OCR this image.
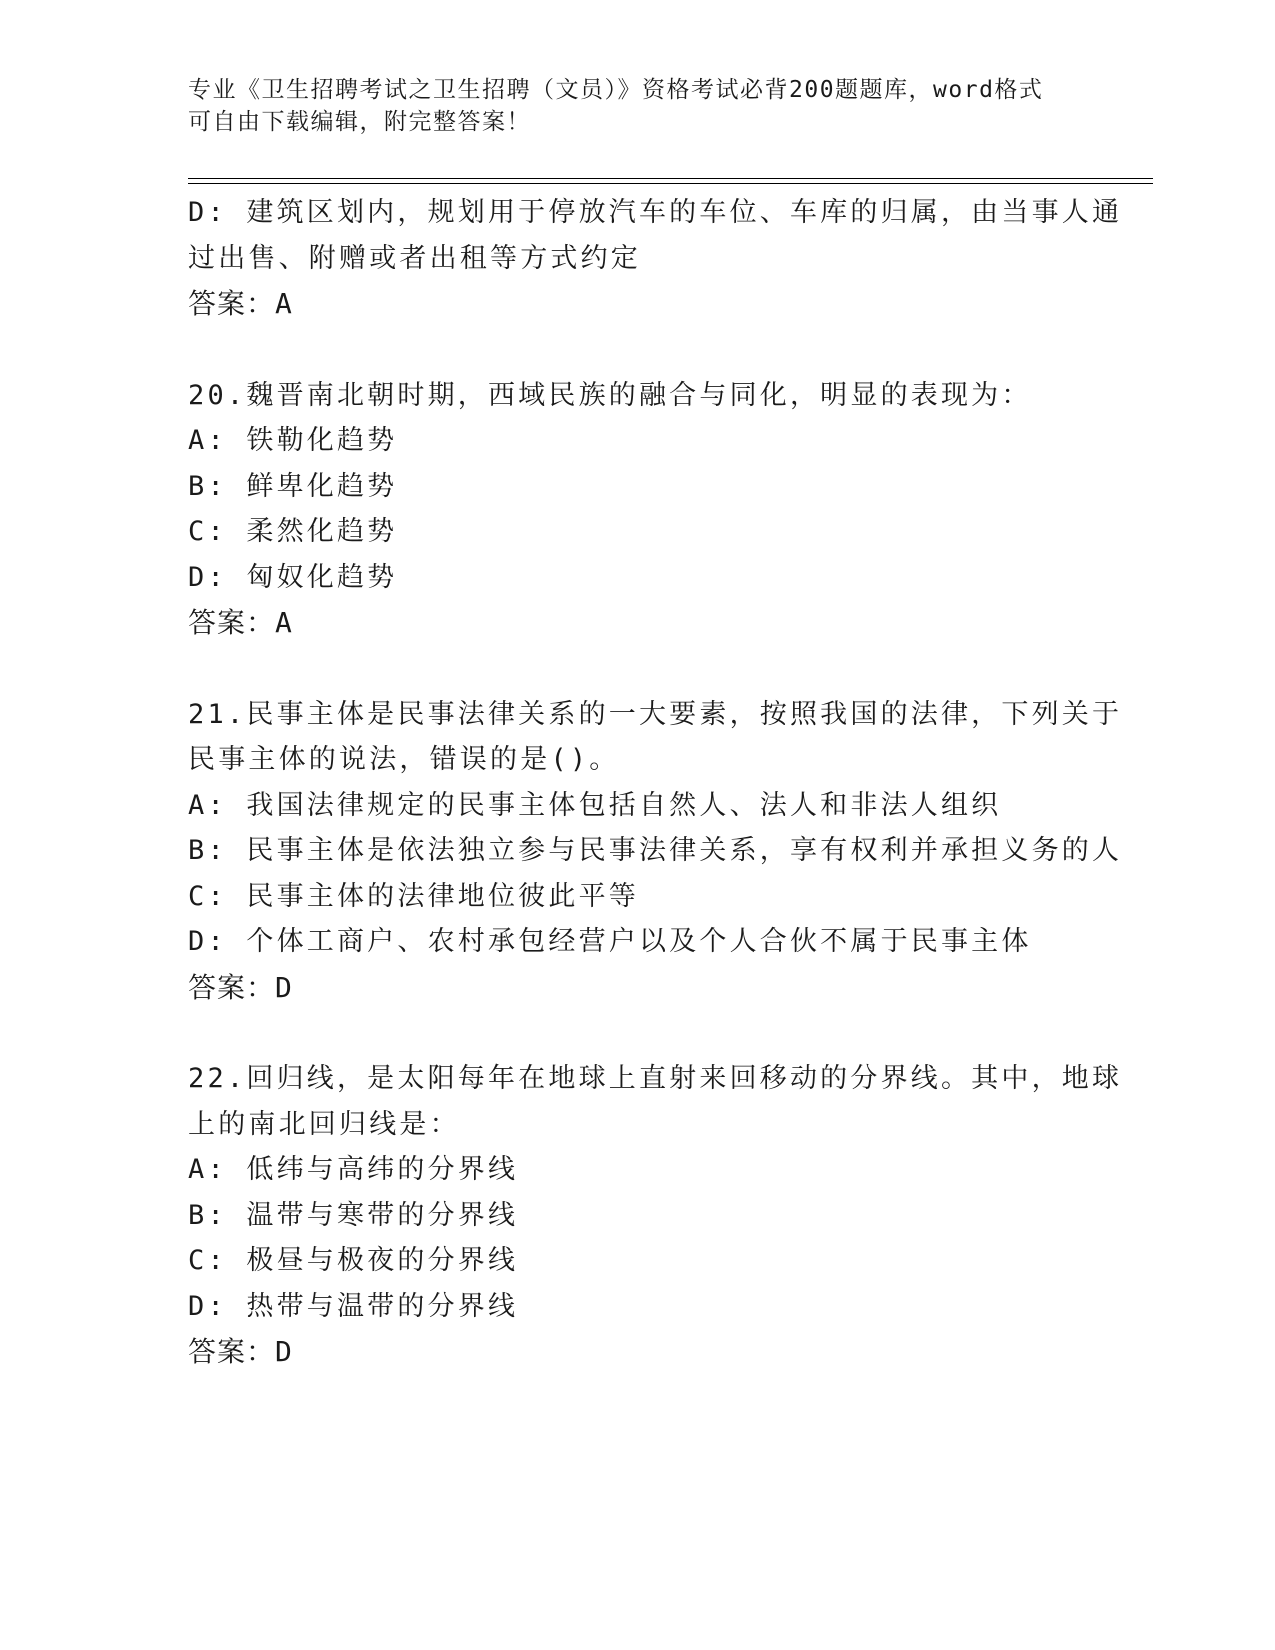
专业《卫生招聘考试之卫生招聘（文员）》资格考试必背200题题库，word格式
可自由下载编辑，附完整答案！
D: 建筑区划内，规划用于停放汽车的车位、车库的归属，由当事人通
过出售、附赠或者出租等方式约定
答案：A
20.魏晋南北朝时期，西域民族的融合与同化，明显的表现为：
A: 铁勒化趋势
B: 鲜卑化趋势
C: 柔然化趋势
D: 匈奴化趋势
答案：A
21.民事主体是民事法律关系的一大要素，按照我国的法律，下列关于
民事主体的说法，错误的是()。
A: 我国法律规定的民事主体包括自然人、法人和非法人组织
B: 民事主体是依法独立参与民事法律关系，享有权利并承担义务的人
C: 民事主体的法律地位彼此平等
D: 个体工商户、农村承包经营户以及个人合伙不属于民事主体
答案：D
22.回归线，是太阳每年在地球上直射来回移动的分界线。其中，地球
上的南北回归线是：
A: 低纬与高纬的分界线
B: 温带与寒带的分界线
C: 极昼与极夜的分界线
D: 热带与温带的分界线
答案：D
